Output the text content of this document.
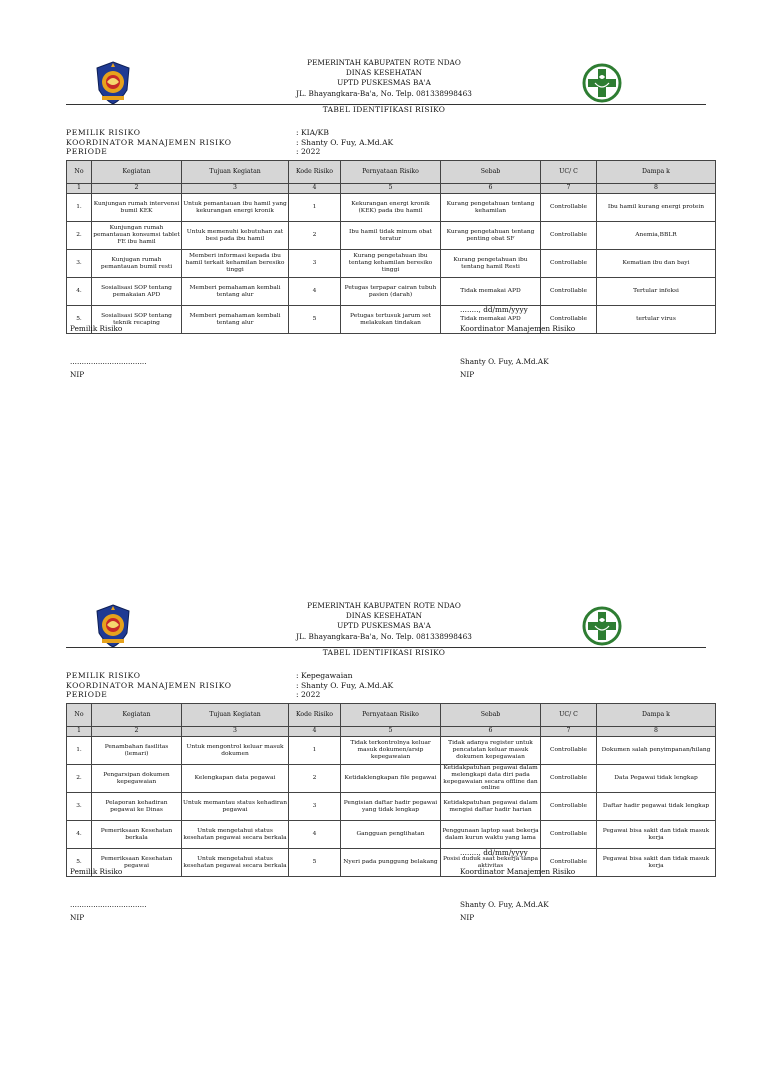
PEMERINTAH KABUPATEN ROTE NDAO
DINAS KESEHATAN
UPTD PUSKESMAS BA'A
JL. Bhayangkara-Ba'a, No. Telp. 081338998463
TABEL IDENTIFIKASI RISIKO
PEMILIK RISIKO	: KIA/KB
KOORDINATOR MANAJEMEN RISIKO	: Shanty O. Fuy, A.Md.AK
PERIODE	: 2022
No	Kegiatan	Tujuan Kegiatan	Kode Risiko	Pernyataan Risiko	Sebab	UC/ C	Dampa k
1	2	3	4	5	6	7	8
1.	Kunjungan rumah intervensi bumil KEK	Untuk pemantauan ibu hamil yang kekurangan energi kronik	1	Kekurangan energi kronik (KEK) pada ibu hamil	Kurang pengetahuan tentang kehamilan	Controllable	Ibu hamil kurang energi protein
2.	Kunjungan rumah pemantauan konsumsi tablet FE ibu hamil	Untuk memenuhi kebutuhan zat besi pada ibu hamil	2	Ibu hamil tidak minum obat teratur	Kurang pengetahuan tentang penting obat SF	Controllable	Anemia,BBLR
3.	Kunjugan rumah pemantauan bumil resti	Memberi informasi kepada ibu hamil terkait kehamilan beresiko tinggi	3	Kurang pengetahuan ibu tentang kehamilan beresiko tinggi	Kurang pengetahuan ibu tentang hamil Resti	Controllable	Kematian ibu dan bayi
4.	Sosialisasi SOP tentang pemakaian APD	Memberi pemahaman kembali tentang alur	4	Petugas terpapar cairan tubuh pasien (darah)	Tidak memakai APD	Controllable	Tertular infeksi
5.	Sosialisasi SOP tentang teknik recaping	Memberi pemahaman kembali tentang alur	5	Petugas tertusuk jarum set melakukan tindakan	Tidak memakai APD	Controllable	tertular virus
........, dd/mm/yyyy
Pemilik Risiko	Koordinator Manajemen Risiko
.................................	Shanty O. Fuy, A.Md.AK
NIP	NIP
PEMERINTAH KABUPATEN ROTE NDAO
DINAS KESEHATAN
UPTD PUSKESMAS BA'A
JL. Bhayangkara-Ba'a, No. Telp. 081338998463
TABEL IDENTIFIKASI RISIKO
PEMILIK RISIKO	: Kepegawaian
KOORDINATOR MANAJEMEN RISIKO	: Shanty O. Fuy, A.Md.AK
PERIODE	: 2022
No	Kegiatan	Tujuan Kegiatan	Kode Risiko	Pernyataan Risiko	Sebab	UC/ C	Dampa k
1	2	3	4	5	6	7	8
1.	Penambahan fasilitas (lemari)	Untuk mengontrol keluar masuk dokumen	1	Tidak terkontrolnya keluar masuk dokumen/arsip kepegawaian	Tidak adanya register untuk pencatatan keluar masuk dokumen kepegawaian	Controllable	Dokumen salah penyimpanan/hilang
2.	Pengarsipan dokumen kepegawaian	Kelengkapan data pegawai	2	Ketidaklengkapan file pegawai	Ketidakpatuhan pegawai dalam melengkapi data diri pada kepegawaian secara offline dan online	Controllable	Data Pegawai tidak lengkap
3.	Pelaporan kehadiran pegawai ke Dinas	Untuk memantau status kehadiran pegawai	3	Pengisian daftar hadir pegawai yang tidak lengkap	Ketidakpatuhan pegawai dalam mengisi daftar hadir harian	Controllable	Daftar hadir pegawai tidak lengkap
4.	Pemeriksaan Kesehatan berkala	Untuk mengetahui status kesehatan pegawai secara berkala	4	Gangguan penglihatan	Penggunaan laptop saat bekerja dalam kurun waktu yang lama	Controllable	Pegawai bisa sakit dan tidak masuk kerja
5.	Pemeriksaan Kesehatan pegawai	Untuk mengetahui status kesehatan pegawai secara berkala	5	Nyeri pada punggung belakang	Posisi duduk saat bekerja tanpa aktivitas	Controllable	Pegawai bisa sakit dan tidak masuk kerja
........, dd/mm/yyyy
Pemilik Risiko	Koordinator Manajemen Risiko
.................................	Shanty O. Fuy, A.Md.AK
NIP	NIP
